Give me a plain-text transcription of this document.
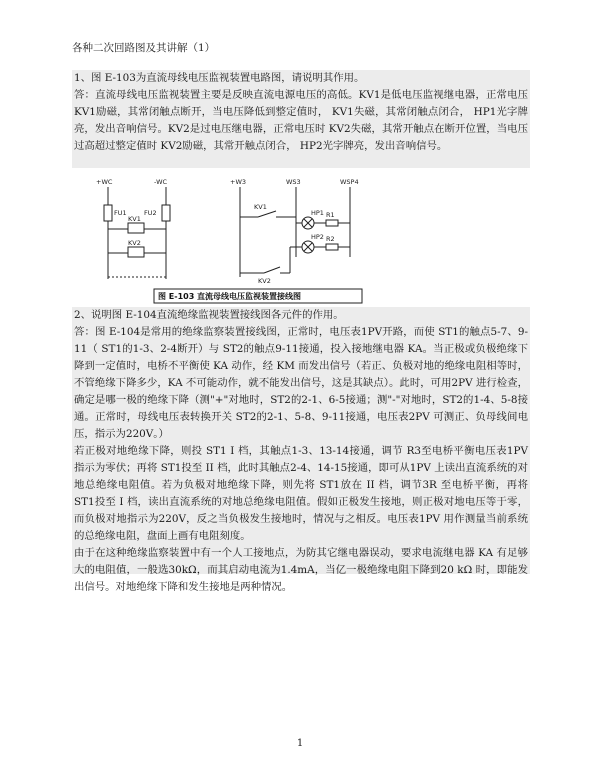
各种二次回路图及其讲解（1）

1、图 E-103为直流母线电压监视装置电路图，请说明其作用。

答：直流母线电压监视装置主要是反映直流电源电压的高低。KV1是低电压监视继电器，正常电压 KV1励磁，其常闭触点断开，当电压降低到整定值时， KV1失磁，其常闭触点闭合， HP1光字牌亮，发出音响信号。KV2是过电压继电器，正常电压时 KV2失磁，其常开触点在断开位置，当电压过高超过整定值时 KV2励磁，其常开触点闭合， HP2光字牌亮，发出音响信号。

+WC	-WC
FU1	FU2
KV1
KV2
+W3	WS3	WSP4
KV1
HP1 R1
HP2 R2
KV2
图 E-103 直流母线电压监视装置接线图

2、说明图 E-104直流绝缘监视装置接线图各元件的作用。

答：图 E-104是常用的绝缘监察装置接线图，正常时，电压表1PV开路，而使 ST1的触点5-7、9-11（ ST1的1-3、2-4断开）与 ST2的触点9-11接通，投入接地继电器 KA。当正极或负极绝缘下降到一定值时，电桥不平衡使 KA 动作，经 KM 而发出信号（若正、负极对地的绝缘电阻相等时，不管绝缘下降多少，KA 不可能动作，就不能发出信号，这是其缺点）。此时，可用2PV 进行检查，确定是哪一极的绝缘下降（测"+"对地时，ST2的2-1、6-5接通；测"-"对地时，ST2的1-4、5-8接通。正常时，母线电压表转换开关 ST2的2-1、5-8、9-11接通，电压表2PV 可测正、负母线间电压，指示为220V。）

若正极对地绝缘下降，则投 ST1 I 档，其触点1-3、13-14接通，调节 R3至电桥平衡电压表1PV 指示为零伏；再将 ST1投至 II 档，此时其触点2-4、14-15接通，即可从1PV 上读出直流系统的对地总绝缘电阻值。若为负极对地绝缘下降，则先将 ST1放在 II 档，调节3R 至电桥平衡，再将 ST1投至 I 档，读出直流系统的对地总绝缘电阻值。假如正极发生接地，则正极对地电压等于零，而负极对地指示为220V，反之当负极发生接地时，情况与之相反。电压表1PV 用作测量当前系统的总绝缘电阻，盘面上画有电阻刻度。

由于在这种绝缘监察装置中有一个人工接地点，为防其它继电器误动，要求电流继电器 KA 有足够大的电阻值，一般选30kΩ，而其启动电流为1.4mA，当亿一极绝缘电阻下降到20 kΩ 时，即能发出信号。对地绝缘下降和发生接地是两种情况。

1
